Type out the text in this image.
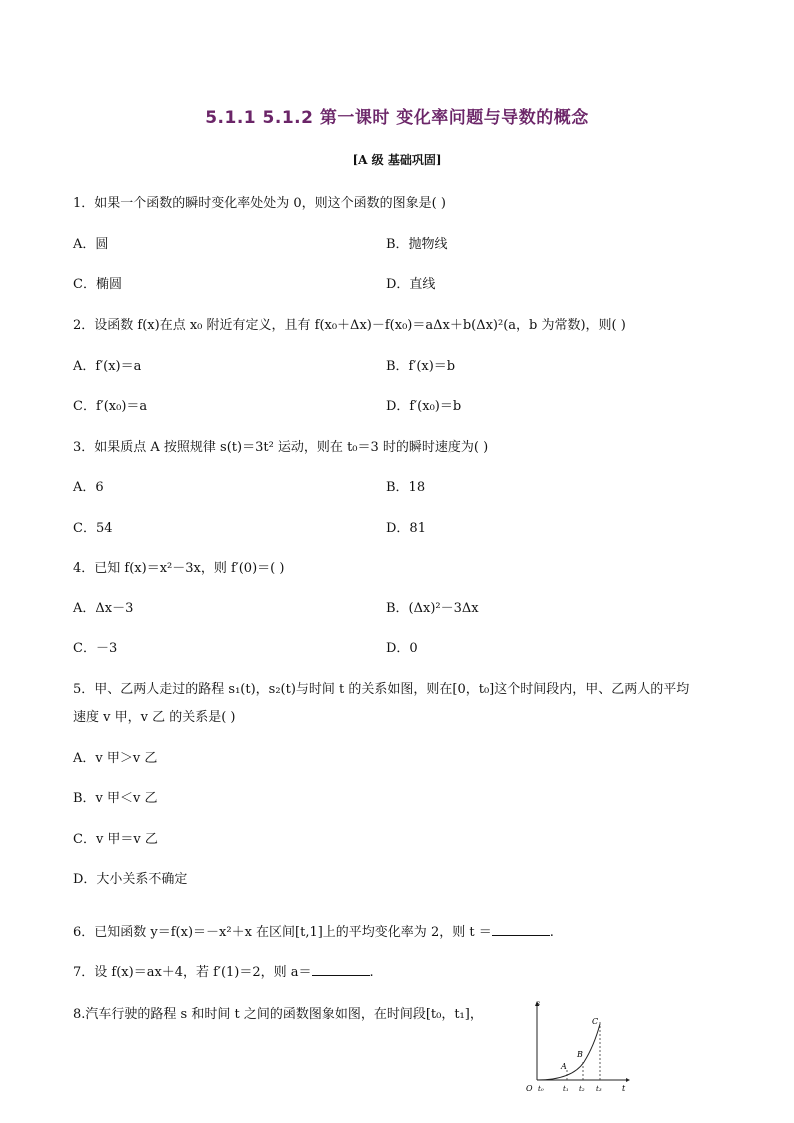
5.1.1 5.1.2 第一课时 变化率问题与导数的概念
[A 级 基础巩固]
1．如果一个函数的瞬时变化率处处为 0，则这个函数的图象是( )
A．圆	B．抛物线
C．椭圆	D．直线
2．设函数 f(x)在点 x₀ 附近有定义，且有 f(x₀＋Δx)－f(x₀)＝aΔx＋b(Δx)²(a，b 为常数)，则( )
A．f′(x)＝a	B．f′(x)＝b
C．f′(x₀)＝a	D．f′(x₀)＝b
3．如果质点 A 按照规律 s(t)＝3t² 运动，则在 t₀＝3 时的瞬时速度为( )
A．6	B．18
C．54	D．81
4．已知 f(x)＝x²－3x，则 f′(0)＝( )
A．Δx－3	B．(Δx)²－3Δx
C．－3	D．0
5．甲、乙两人走过的路程 s₁(t)，s₂(t)与时间 t 的关系如图，则在[0，t₀]这个时间段内，甲、乙两人的平均
速度 v 甲，v 乙 的关系是( )
A．v 甲＞v 乙
B．v 甲＜v 乙
C．v 甲＝v 乙
D．大小关系不确定
6．已知函数 y＝f(x)＝－x²＋x 在区间[t,1]上的平均变化率为 2，则 t ＝	.
7．设 f(x)＝ax＋4，若 f′(1)＝2，则 a＝	.
8.汽车行驶的路程 s 和时间 t 之间的函数图象如图，在时间段[t₀，t₁]，
s
t
O t₀	t₁ t₂ t₃
A
B
C
